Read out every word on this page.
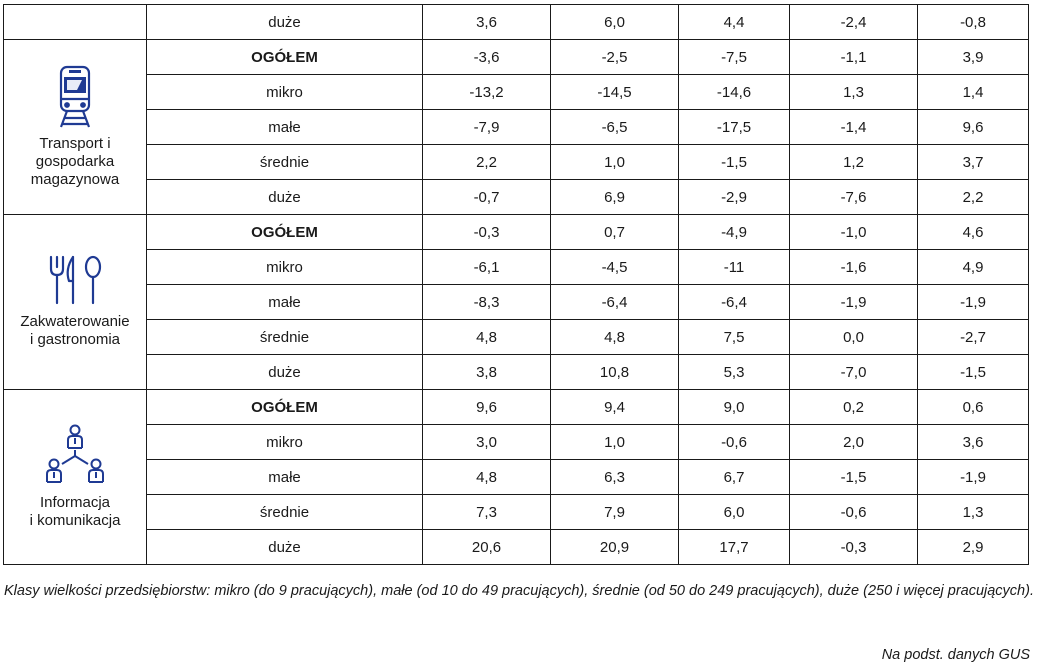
	duże	3,6	6,0	4,4	-2,4	-0,8

Transport i
gospodarka
magazynowa	OGÓŁEM	-3,6	-2,5	-7,5	-1,1	3,9
	mikro	-13,2	-14,5	-14,6	1,3	1,4
	małe	-7,9	-6,5	-17,5	-1,4	9,6
	średnie	2,2	1,0	-1,5	1,2	3,7
	duże	-0,7	6,9	-2,9	-7,6	2,2

Zakwaterowanie
i gastronomia	OGÓŁEM	-0,3	0,7	-4,9	-1,0	4,6
	mikro	-6,1	-4,5	-11	-1,6	4,9
	małe	-8,3	-6,4	-6,4	-1,9	-1,9
	średnie	4,8	4,8	7,5	0,0	-2,7
	duże	3,8	10,8	5,3	-7,0	-1,5

Informacja
i komunikacja	OGÓŁEM	9,6	9,4	9,0	0,2	0,6
	mikro	3,0	1,0	-0,6	2,0	3,6
	małe	4,8	6,3	6,7	-1,5	-1,9
	średnie	7,3	7,9	6,0	-0,6	1,3
	duże	20,6	20,9	17,7	-0,3	2,9

Klasy wielkości przedsiębiorstw: mikro (do 9 pracujących), małe (od 10 do 49 pracujących), średnie (od 50 do 249 pracujących), duże (250 i więcej pracujących).

Na podst. danych GUS
